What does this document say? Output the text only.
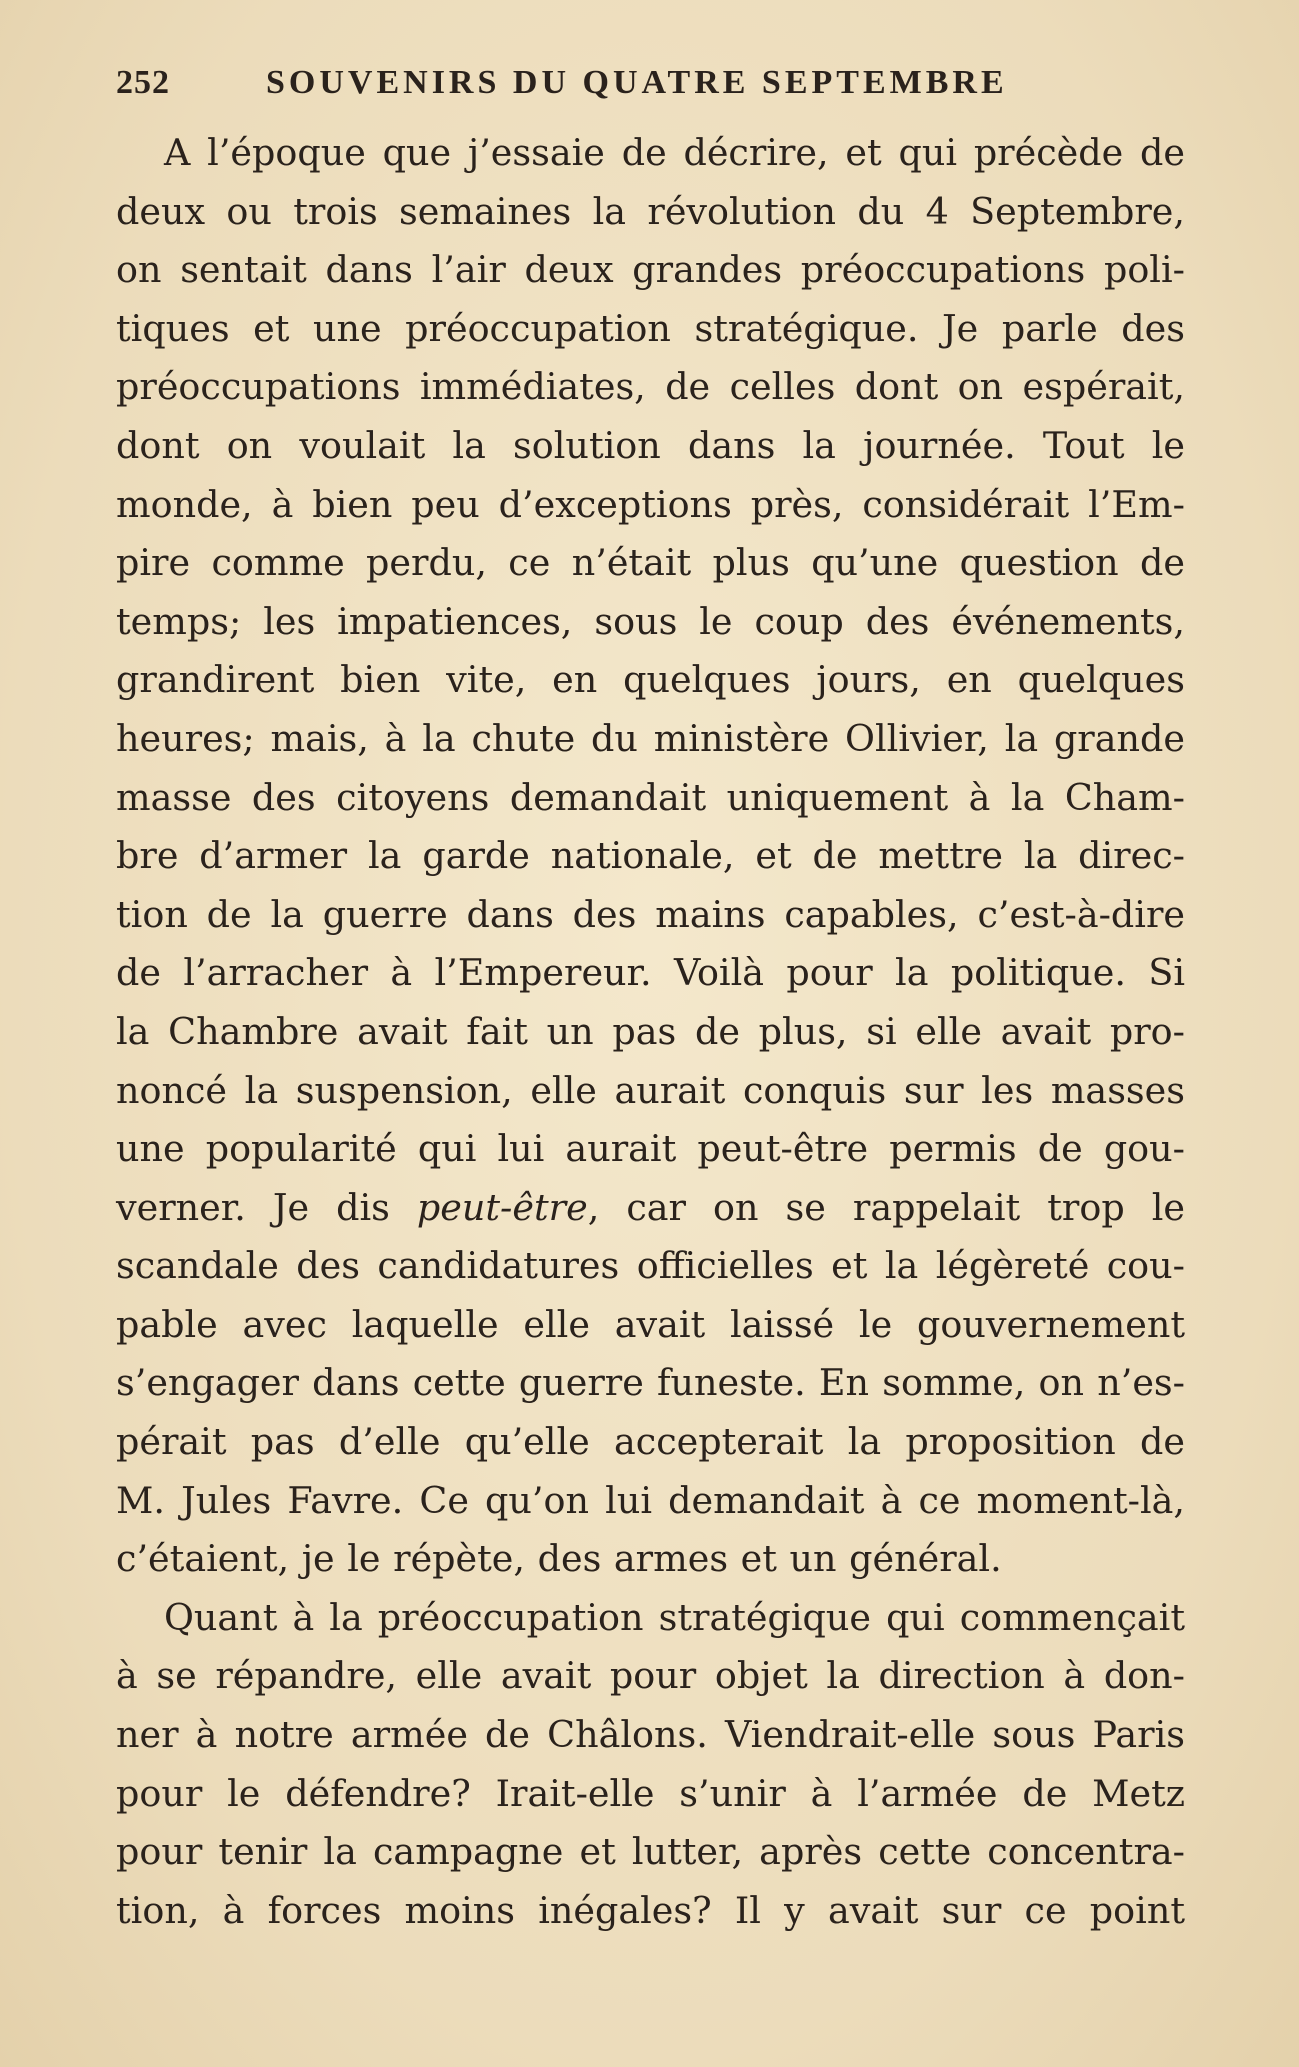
252	SOUVENIRS DU QUATRE SEPTEMBRE
A l’époque que j’essaie de décrire, et qui précède de
deux ou trois semaines la révolution du 4 Septembre,
on sentait dans l’air deux grandes préoccupations poli-
tiques et une préoccupation stratégique. Je parle des
préoccupations immédiates, de celles dont on espérait,
dont on voulait la solution dans la journée. Tout le
monde, à bien peu d’exceptions près, considérait l’Em-
pire comme perdu, ce n’était plus qu’une question de
temps; les impatiences, sous le coup des événements,
grandirent bien vite, en quelques jours, en quelques
heures; mais, à la chute du ministère Ollivier, la grande
masse des citoyens demandait uniquement à la Cham-
bre d’armer la garde nationale, et de mettre la direc-
tion de la guerre dans des mains capables, c’est-à-dire
de l’arracher à l’Empereur. Voilà pour la politique. Si
la Chambre avait fait un pas de plus, si elle avait pro-
noncé la suspension, elle aurait conquis sur les masses
une popularité qui lui aurait peut-être permis de gou-
verner. Je dis peut-être, car on se rappelait trop le
scandale des candidatures officielles et la légèreté cou-
pable avec laquelle elle avait laissé le gouvernement
s’engager dans cette guerre funeste. En somme, on n’es-
pérait pas d’elle qu’elle accepterait la proposition de
M. Jules Favre. Ce qu’on lui demandait à ce moment-là,
c’étaient, je le répète, des armes et un général.
Quant à la préoccupation stratégique qui commençait
à se répandre, elle avait pour objet la direction à don-
ner à notre armée de Châlons. Viendrait-elle sous Paris
pour le défendre? Irait-elle s’unir à l’armée de Metz
pour tenir la campagne et lutter, après cette concentra-
tion, à forces moins inégales? Il y avait sur ce point
